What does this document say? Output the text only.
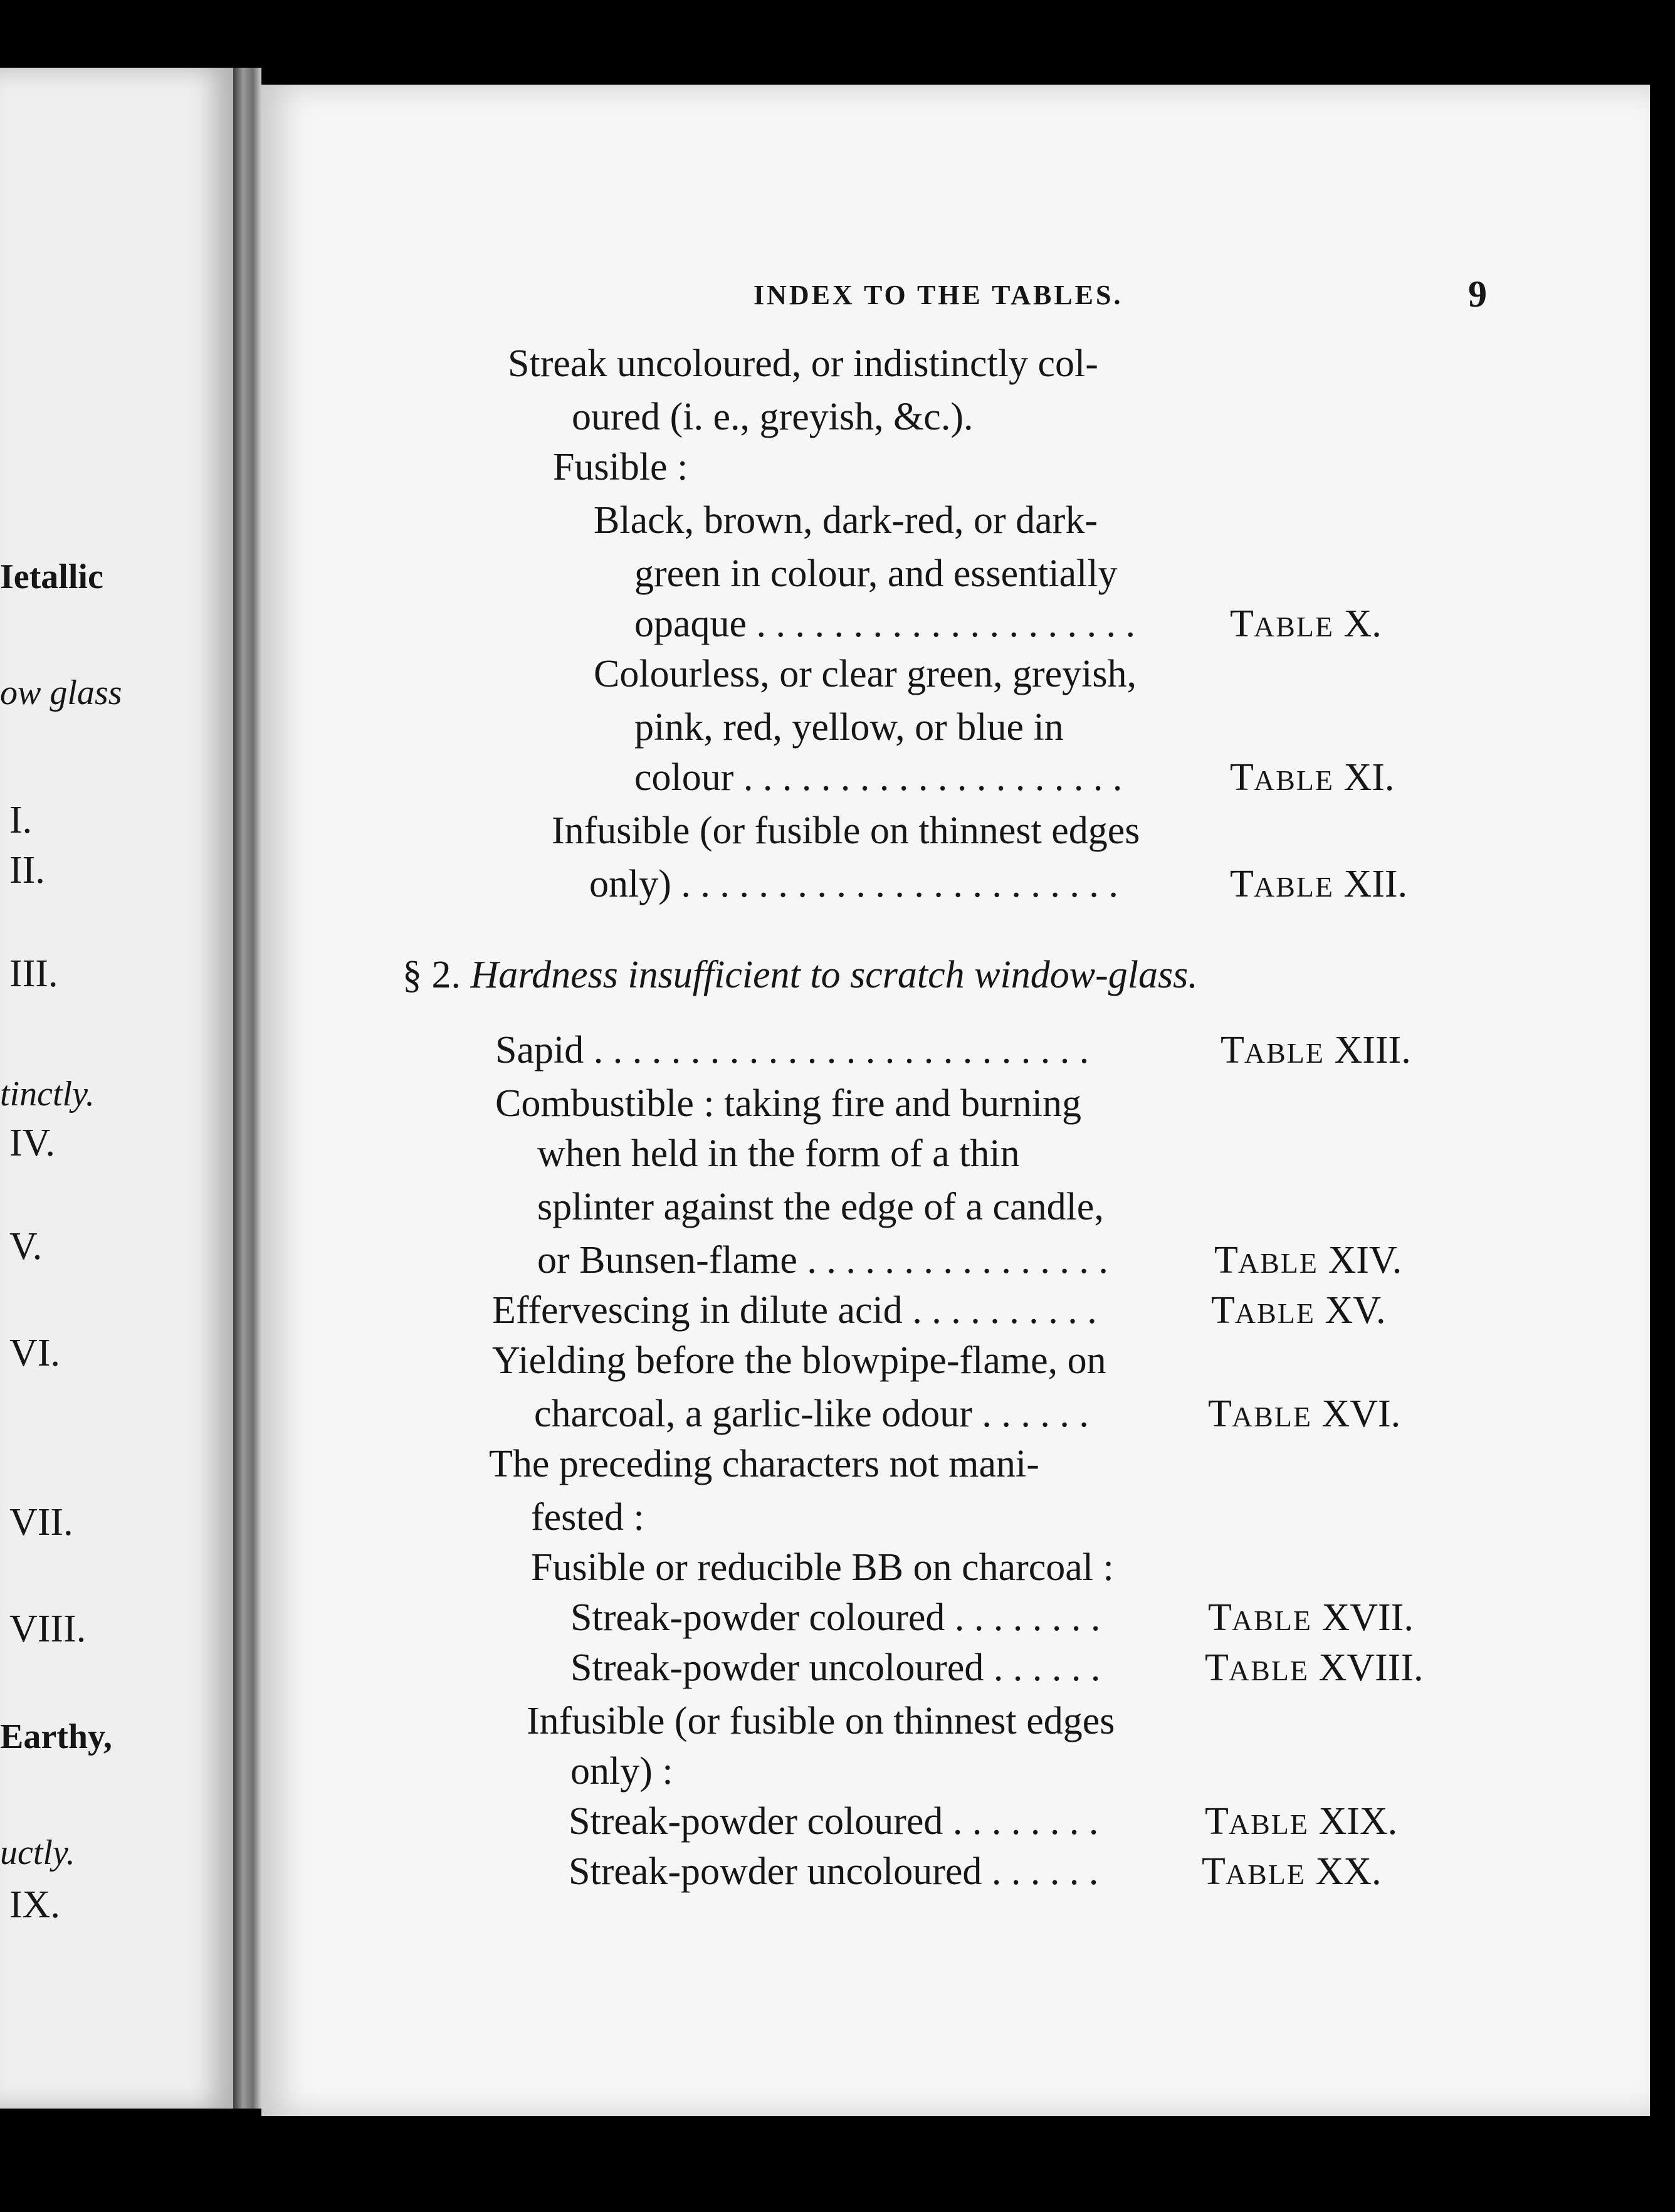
Ietallic
ow glass
I.
II.
III.
tinctly.
IV.
V.
VI.
VII.
VIII.
Earthy,
uctly.
IX.
INDEX TO THE TABLES.	9
Streak uncoloured, or indistinctly col-
oured (i. e., greyish, &c.).
Fusible :
Black, brown, dark-red, or dark-
green in colour, and essentially
opaque . . . . . . . . . . . . . . . . . . . .
Colourless, or clear green, greyish,
pink, red, yellow, or blue in
colour . . . . . . . . . . . . . . . . . . . .
Infusible (or fusible on thinnest edges
only) . . . . . . . . . . . . . . . . . . . . . . .
§ 2. Hardness insufficient to scratch window-glass.
Sapid . . . . . . . . . . . . . . . . . . . . . . . . . .
Combustible : taking fire and burning
when held in the form of a thin
splinter against the edge of a candle,
or Bunsen-flame . . . . . . . . . . . . . . . .
Effervescing in dilute acid . . . . . . . . . .
Yielding before the blowpipe-flame, on
charcoal, a garlic-like odour . . . . . .
The preceding characters not mani-
fested :
Fusible or reducible BB on charcoal :
Streak-powder coloured . . . . . . . .
Streak-powder uncoloured . . . . . .
Infusible (or fusible on thinnest edges
only) :
Streak-powder coloured . . . . . . . .
Streak-powder uncoloured . . . . . .
TABLE X.
TABLE XI.
TABLE XII.
TABLE XIII.
TABLE XIV.
TABLE XV.
TABLE XVI.
TABLE XVII.
TABLE XVIII.
TABLE XIX.
TABLE XX.
